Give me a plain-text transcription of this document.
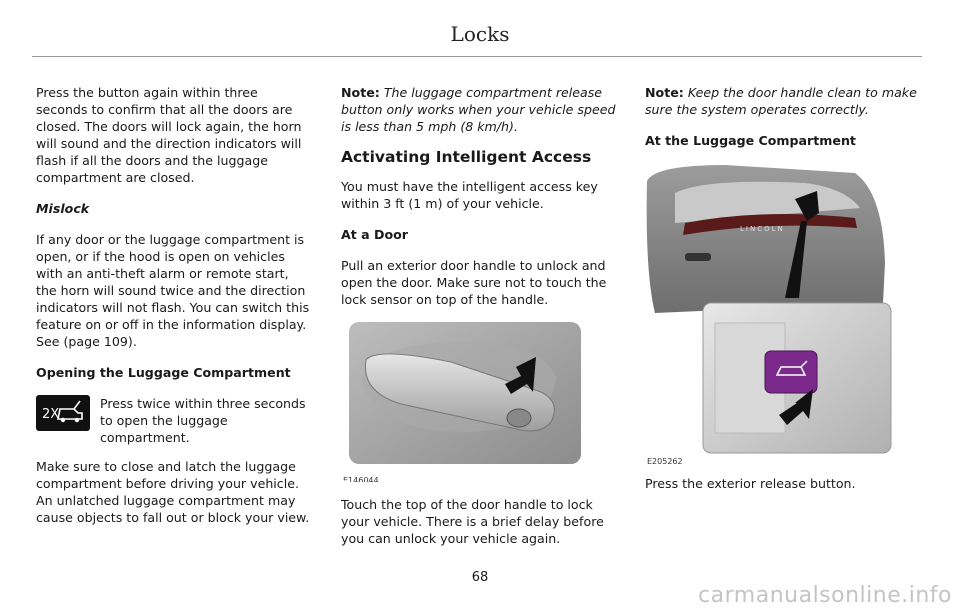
Locks

Press the button again within three seconds to confirm that all the doors are closed. The doors will lock again, the horn will sound and the direction indicators will flash if all the doors and the luggage compartment are closed.

Mislock

If any door or the luggage compartment is open, or if the hood is open on vehicles with an anti-theft alarm or remote start, the horn will sound twice and the direction indicators will not flash. You can switch this feature on or off in the information display. See (page 109).

Opening the Luggage Compartment

2X
Press twice within three seconds to open the luggage compartment.

Make sure to close and latch the luggage compartment before driving your vehicle. An unlatched luggage compartment may cause objects to fall out or block your view.

Note: The luggage compartment release button only works when your vehicle speed is less than 5 mph (8 km/h).

Activating Intelligent Access

You must have the intelligent access key within 3 ft (1 m) of your vehicle.

At a Door

Pull an exterior door handle to unlock and open the door. Make sure not to touch the lock sensor on top of the handle.

E146044

Touch the top of the door handle to lock your vehicle. There is a brief delay before you can unlock your vehicle again.

Note: Keep the door handle clean to make sure the system operates correctly.

At the Luggage Compartment

LINCOLN
E205262

Press the exterior release button.

68
carmanualsonline.info
